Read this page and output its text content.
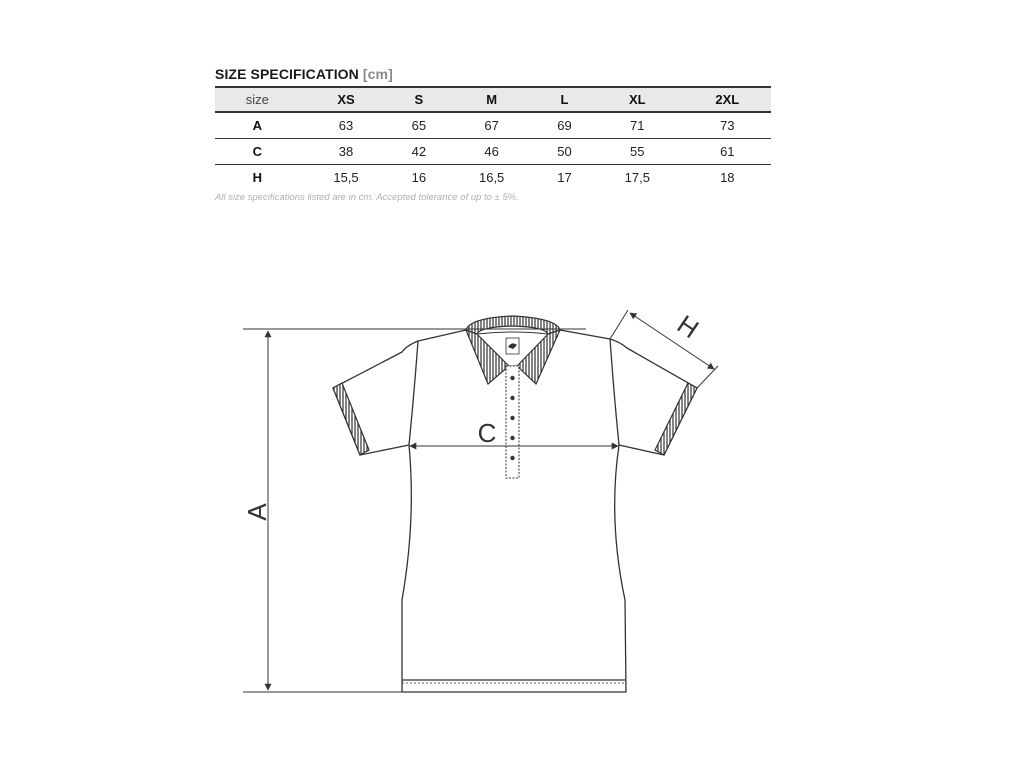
SIZE SPECIFICATION [cm]
size	XS	S	M	L	XL	2XL
A	63	65	67	69	71	73
C	38	42	46	50	55	61
H	15,5	16	16,5	17	17,5	18
All size specifications listed are in cm. Accepted tolerance of up to ± 5%.
A
C
H
